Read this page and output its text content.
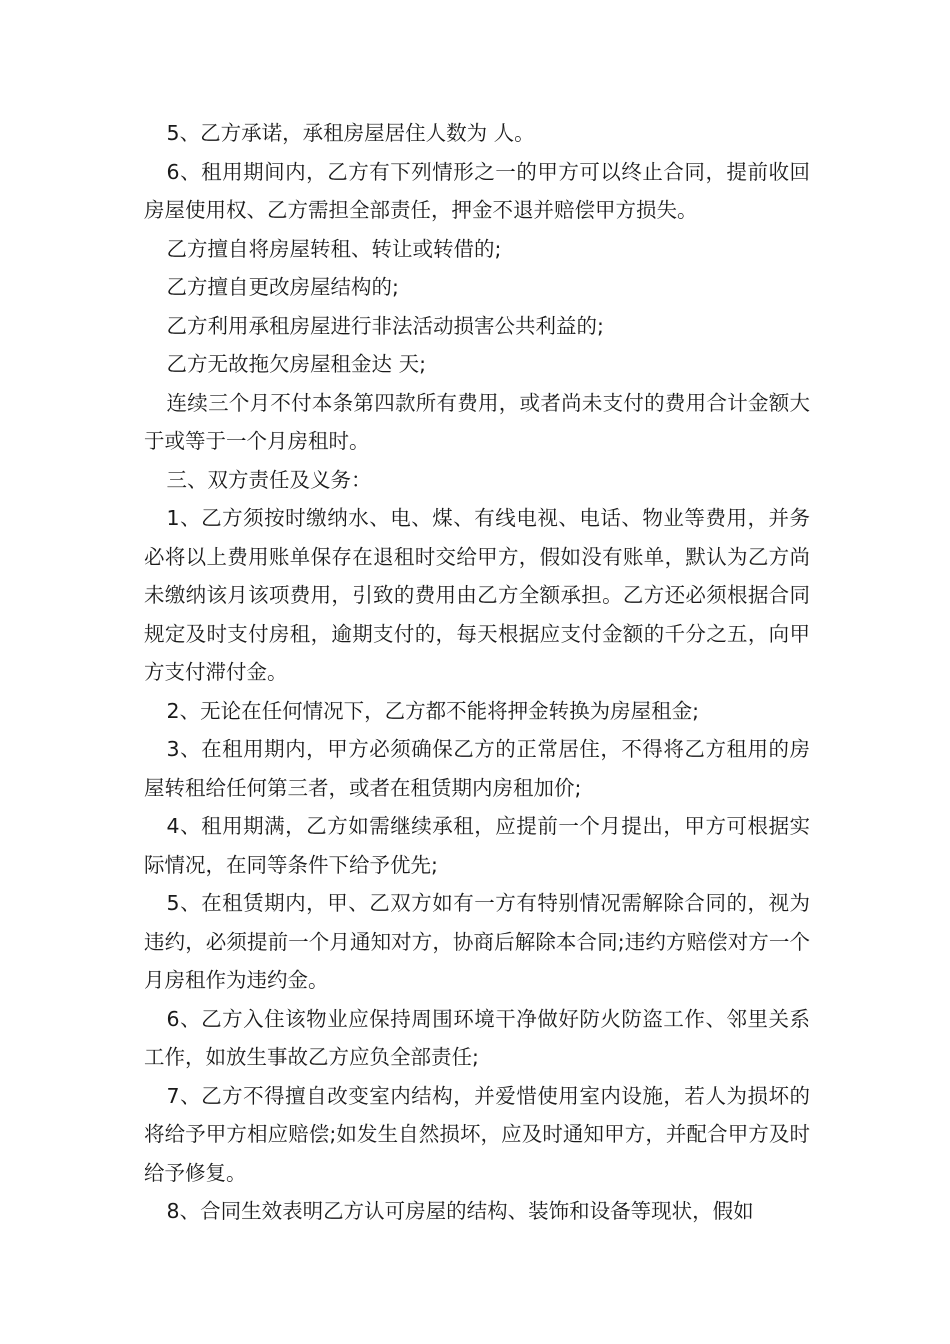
5、乙方承诺，承租房屋居住人数为 人。

6、租用期间内，乙方有下列情形之一的甲方可以终止合同，提前收回房屋使用权、乙方需担全部责任，押金不退并赔偿甲方损失。

乙方擅自将房屋转租、转让或转借的;

乙方擅自更改房屋结构的;

乙方利用承租房屋进行非法活动损害公共利益的;

乙方无故拖欠房屋租金达 天;

连续三个月不付本条第四款所有费用，或者尚未支付的费用合计金额大于或等于一个月房租时。

三、双方责任及义务：

1、乙方须按时缴纳水、电、煤、有线电视、电话、物业等费用，并务必将以上费用账单保存在退租时交给甲方，假如没有账单，默认为乙方尚未缴纳该月该项费用，引致的费用由乙方全额承担。乙方还必须根据合同规定及时支付房租，逾期支付的，每天根据应支付金额的千分之五，向甲方支付滞付金。

2、无论在任何情况下，乙方都不能将押金转换为房屋租金;

3、在租用期内，甲方必须确保乙方的正常居住，不得将乙方租用的房屋转租给任何第三者，或者在租赁期内房租加价;

4、租用期满，乙方如需继续承租，应提前一个月提出，甲方可根据实际情况，在同等条件下给予优先;

5、在租赁期内，甲、乙双方如有一方有特别情况需解除合同的，视为违约，必须提前一个月通知对方，协商后解除本合同;违约方赔偿对方一个月房租作为违约金。

6、乙方入住该物业应保持周围环境干净做好防火防盗工作、邻里关系工作，如放生事故乙方应负全部责任;

7、乙方不得擅自改变室内结构，并爱惜使用室内设施，若人为损坏的将给予甲方相应赔偿;如发生自然损坏，应及时通知甲方，并配合甲方及时给予修复。

8、合同生效表明乙方认可房屋的结构、装饰和设备等现状，假如
